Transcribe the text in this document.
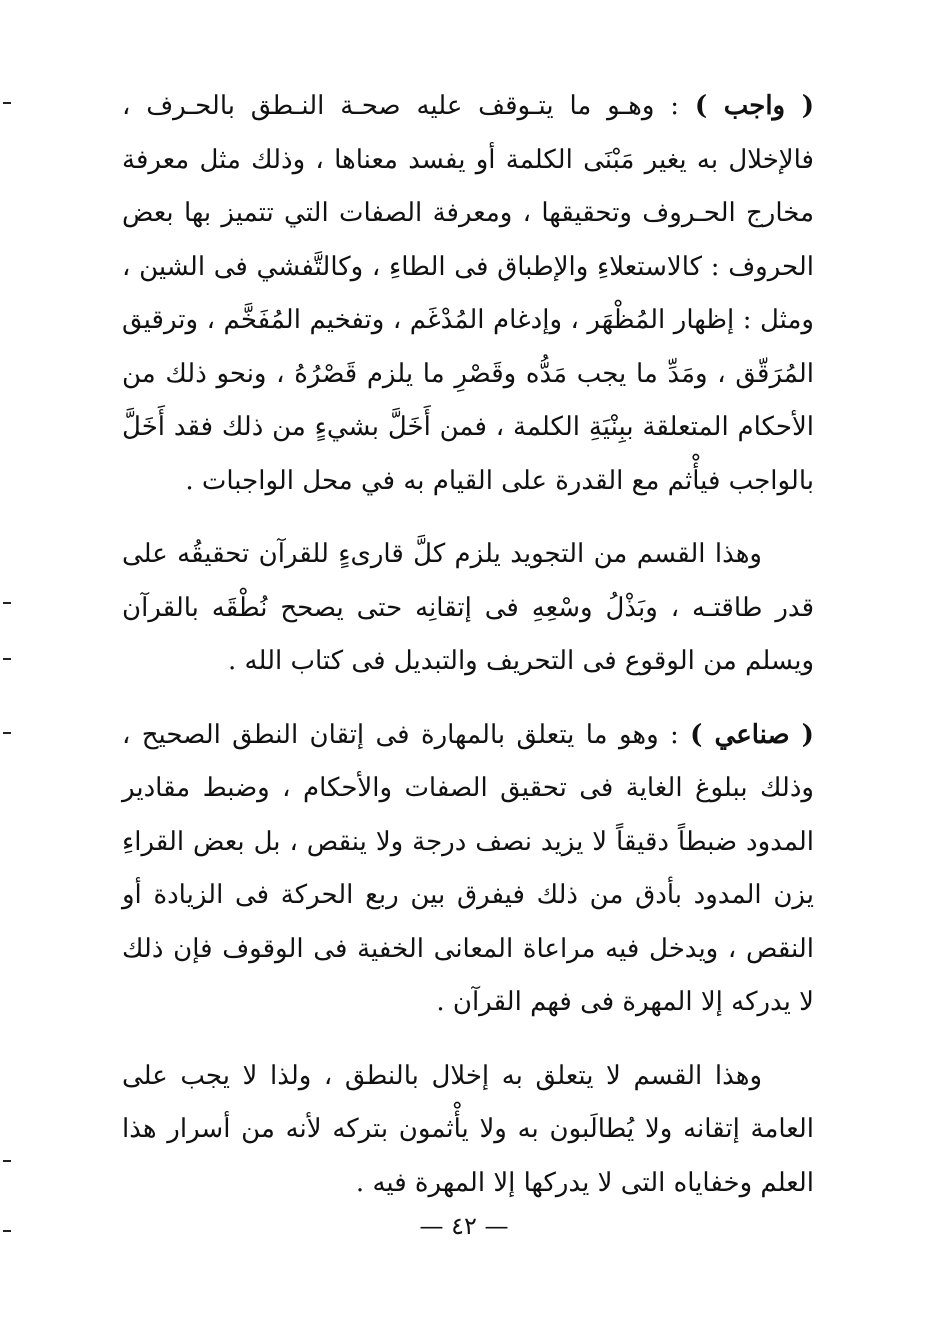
( واجب ) : وهـو ما يتـوقف عليه صحـة النـطق بالحـرف ، فالإخلال به يغير مَبْنَى الكلمة أو يفسد معناها ، وذلك مثل معرفة مخارج الحـروف وتحقيقها ، ومعرفة الصفات التي تتميز بها بعض الحروف : كالاستعلاءِ والإطباق فى الطاءِ ، وكالتَّفشي فى الشين ، ومثل : إظهار المُظْهَر ، وإدغام المُدْغَم ، وتفخيم المُفَخَّم ، وترقيق المُرَقّق ، ومَدِّ ما يجب مَدُّه وقَصْرِ ما يلزم قَصْرُهُ ، ونحو ذلك من الأحكام المتعلقة ببِنْيَةِ الكلمة ، فمن أَخَلَّ بشيءٍ من ذلك فقد أَخَلَّ بالواجب فيأْثم مع القدرة على القيام به في محل الواجبات .

وهذا القسم من التجويد يلزم كلَّ قارىءٍ للقرآن تحقيقُه على قدر طاقتـه ، وبَذْلُ وسْعِهِ فى إتقانِه حتى يصحح نُطْقَه بالقرآن ويسلم من الوقوع فى التحريف والتبديل فى كتاب الله .

( صناعي ) : وهو ما يتعلق بالمهارة فى إتقان النطق الصحيح ، وذلك ببلوغ الغاية فى تحقيق الصفات والأحكام ، وضبط مقادير المدود ضبطاً دقيقاً لا يزيد نصف درجة ولا ينقص ، بل بعض القراءِ يزن المدود بأدق من ذلك فيفرق بين ربع الحركة فى الزيادة أو النقص ، ويدخل فيه مراعاة المعانى الخفية فى الوقوف فإن ذلك لا يدركه إلا المهرة فى فهم القرآن .

وهذا القسم لا يتعلق به إخلال بالنطق ، ولذا لا يجب على العامة إتقانه ولا يُطالَبون به ولا يأْثمون بتركه لأنه من أسرار هذا العلم وخفاياه التى لا يدركها إلا المهرة فيه .

— ٤٢ —
